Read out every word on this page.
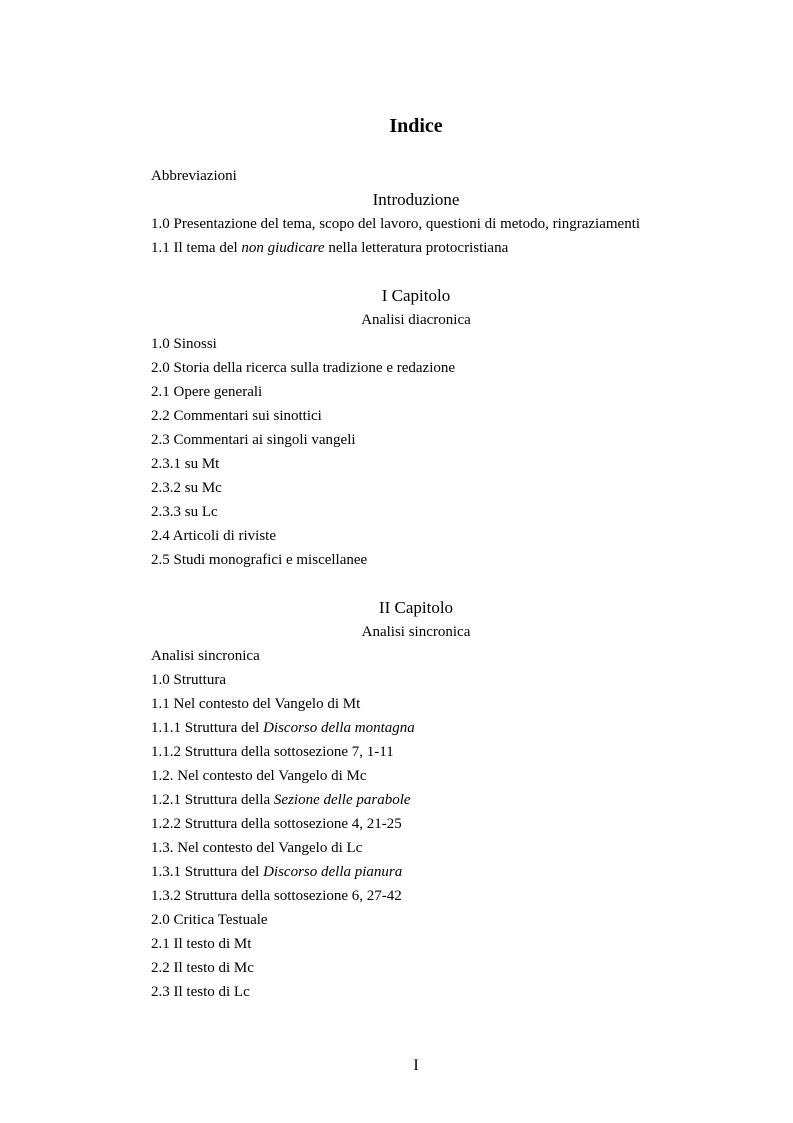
Indice
Abbreviazioni
Introduzione
1.0 Presentazione del tema, scopo del lavoro, questioni di metodo, ringraziamenti
1.1 Il tema del non giudicare nella letteratura protocristiana
I Capitolo
Analisi diacronica
1.0 Sinossi
2.0 Storia della ricerca sulla tradizione e redazione
2.1 Opere generali
2.2 Commentari sui sinottici
2.3 Commentari ai singoli vangeli
2.3.1 su Mt
2.3.2 su Mc
2.3.3 su Lc
2.4 Articoli di riviste
2.5 Studi monografici e miscellanee
II Capitolo
Analisi sincronica
Analisi sincronica
1.0 Struttura
1.1 Nel contesto del Vangelo di Mt
1.1.1 Struttura del Discorso della montagna
1.1.2 Struttura della sottosezione 7, 1-11
1.2. Nel contesto del Vangelo di Mc
1.2.1 Struttura della Sezione delle parabole
1.2.2 Struttura della sottosezione 4, 21-25
1.3. Nel contesto del Vangelo di Lc
1.3.1 Struttura del Discorso della pianura
1.3.2 Struttura della sottosezione 6, 27-42
2.0 Critica Testuale
2.1 Il testo di Mt
2.2 Il testo di Mc
2.3 Il testo di Lc
I
